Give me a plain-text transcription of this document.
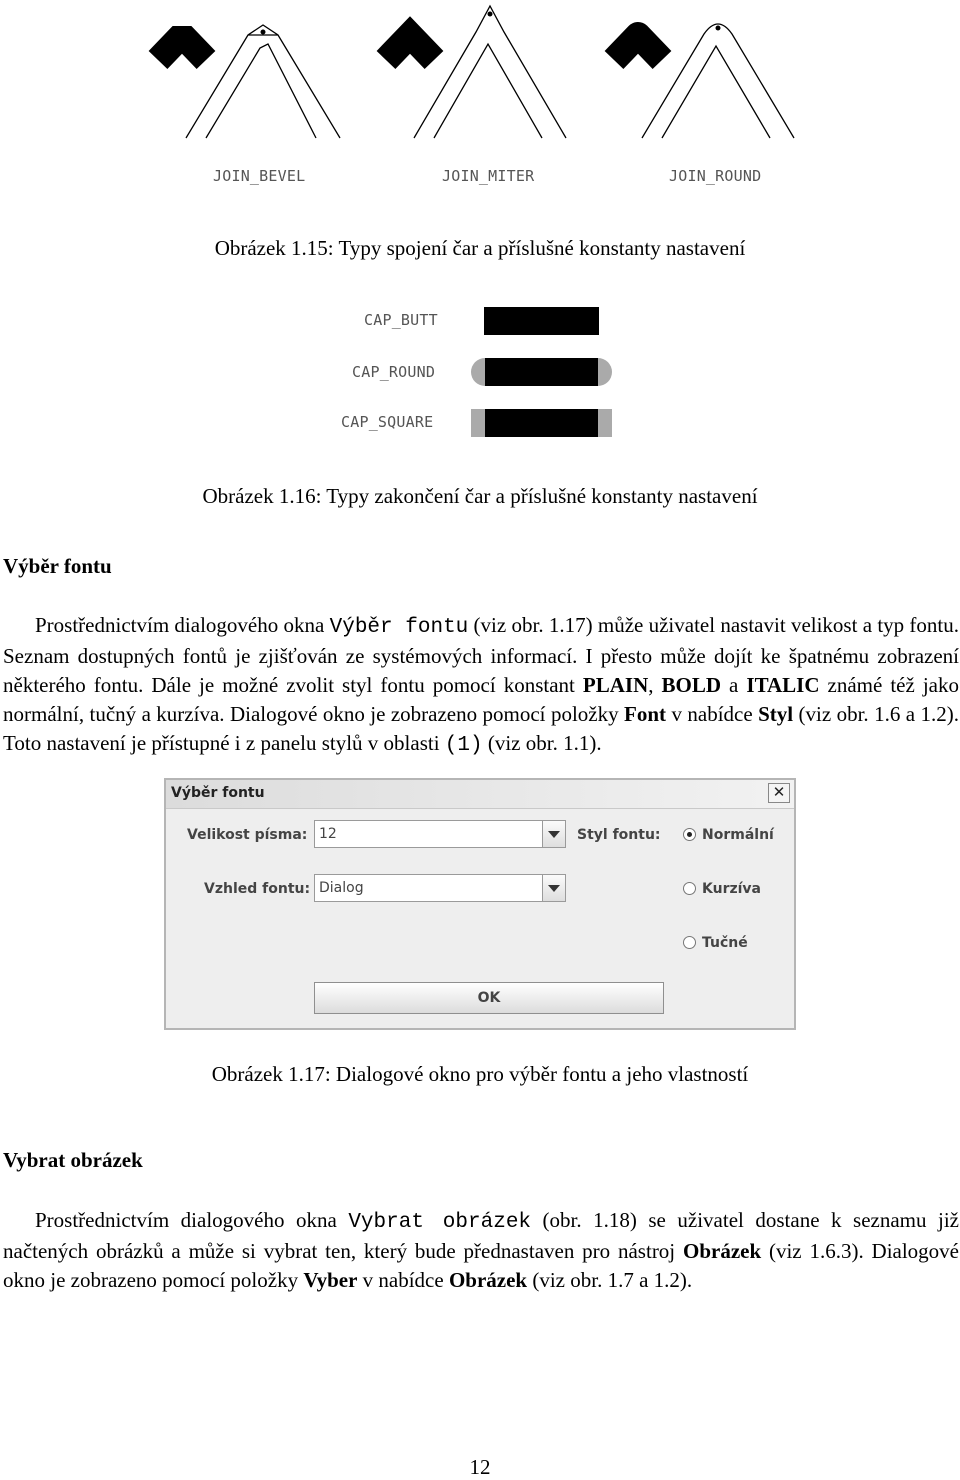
JOIN_BEVEL	JOIN_MITER	JOIN_ROUND
Obrázek 1.15: Typy spojení čar a příslušné konstanty nastavení
CAP_BUTT
CAP_ROUND
CAP_SQUARE
Obrázek 1.16: Typy zakončení čar a příslušné konstanty nastavení
Výběr fontu
Prostřednictvím dialogového okna Výběr fontu (viz obr. 1.17) může uživatel nastavit velikost a typ fontu. Seznam dostupných fontů je zjišťován ze systémových informací. I přesto může dojít ke špatnému zobrazení některého fontu. Dále je možné zvolit styl fontu pomocí konstant PLAIN, BOLD a ITALIC známé též jako normální, tučný a kurzíva. Dialogové okno je zobrazeno pomocí položky Font v nabídce Styl (viz obr. 1.6 a 1.2). Toto nastavení je přístupné i z panelu stylů v oblasti (1) (viz obr. 1.1).
Výběr fontu	✕
Velikost písma: 12
Vzhled fontu: Dialog
Styl fontu:	Normální
Kurzíva
Tučné
OK
Obrázek 1.17: Dialogové okno pro výběr fontu a jeho vlastností
Vybrat obrázek
Prostřednictvím dialogového okna Vybrat obrázek (obr. 1.18) se uživatel dostane k seznamu již načtených obrázků a může si vybrat ten, který bude přednastaven pro nástroj Obrázek (viz 1.6.3). Dialogové okno je zobrazeno pomocí položky Vyber v nabídce Obrázek (viz obr. 1.7 a 1.2).
12
